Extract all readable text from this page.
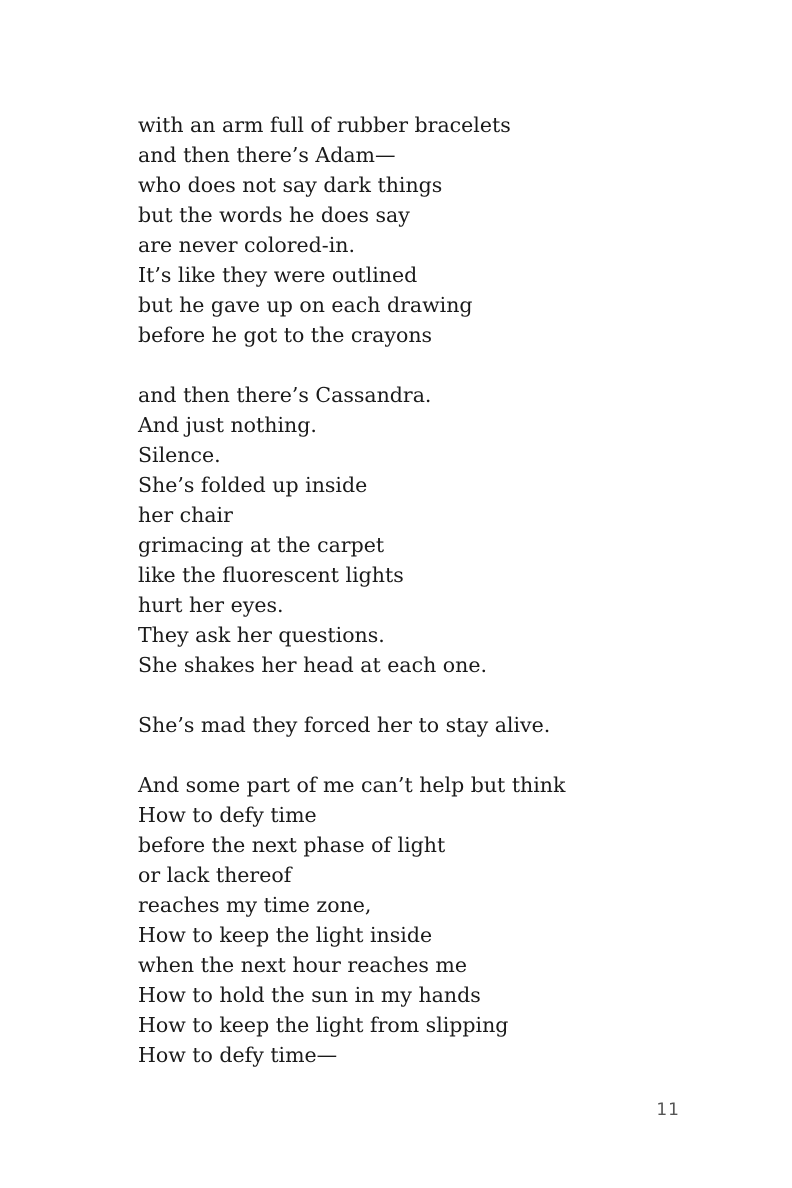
with an arm full of rubber bracelets
and then there’s Adam—
who does not say dark things
but the words he does say
are never colored-in.
It’s like they were outlined
but he gave up on each drawing
before he got to the crayons
and then there’s Cassandra.
And just nothing.
Silence.
She’s folded up inside
her chair
grimacing at the carpet
like the fluorescent lights
hurt her eyes.
They ask her questions.
She shakes her head at each one.
She’s mad they forced her to stay alive.
And some part of me can’t help but think
How to defy time
before the next phase of light
or lack thereof
reaches my time zone,
How to keep the light inside
when the next hour reaches me
How to hold the sun in my hands
How to keep the light from slipping
How to defy time—
11
